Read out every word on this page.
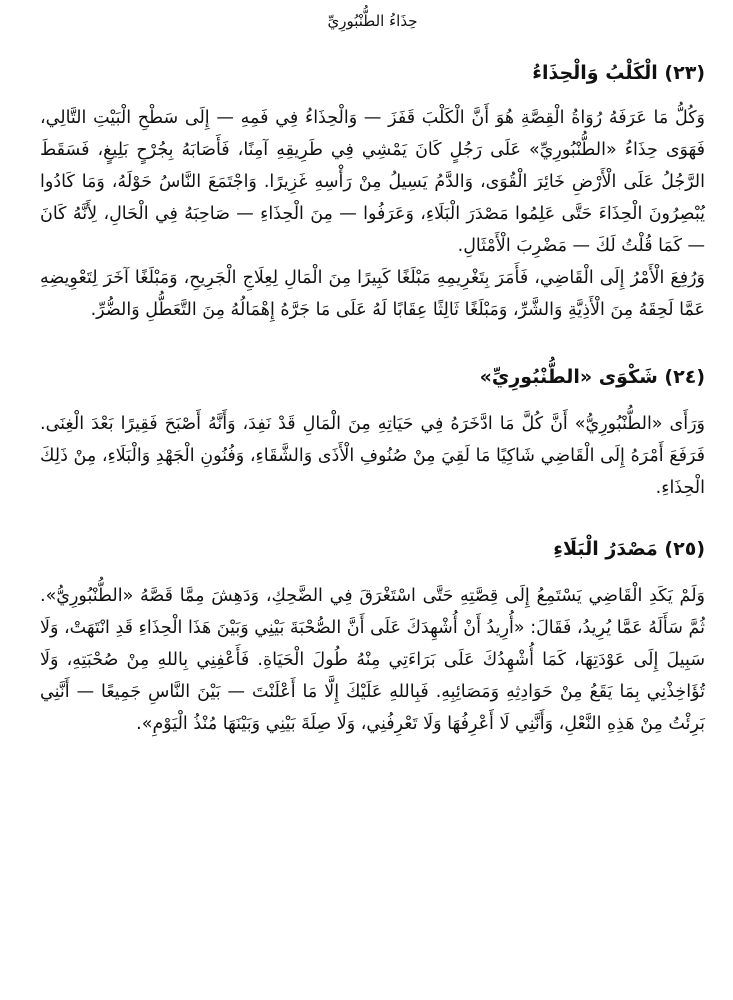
حِذَاءُ الطُّنْبُورِيِّ
(٢٣) الْكَلْبُ وَالْحِذَاءُ

وَكُلُّ مَا عَرَفَهُ رُوَاةُ الْقِصَّةِ هُوَ أَنَّ الْكَلْبَ قَفَزَ — وَالْحِذَاءُ فِي فَمِهِ — إِلَى سَطْحِ الْبَيْتِ التَّالِي، فَهَوَى حِذَاءُ «الطُّنْبُورِيِّ» عَلَى رَجُلٍ كَانَ يَمْشِي فِي طَرِيقِهِ آمِنًا، فَأَصَابَهُ بِجُرْحٍ بَلِيغٍ، فَسَقَطَ الرَّجُلُ عَلَى الْأَرْضِ خَائِرَ الْقُوَى، وَالدَّمُ يَسِيلُ مِنْ رَأْسِهِ غَزِيرًا. وَاجْتَمَعَ النَّاسُ حَوْلَهُ، وَمَا كَادُوا يُبْصِرُونَ الْحِذَاءَ حَتَّى عَلِمُوا مَصْدَرَ الْبَلَاءِ، وَعَرَفُوا — مِنَ الْحِذَاءِ — صَاحِبَهُ فِي الْحَالِ، لِأَنَّهُ كَانَ — كَمَا قُلْتُ لَكَ — مَضْرِبَ الْأَمْثَالِ.

وَرُفِعَ الْأَمْرُ إِلَى الْقَاضِي، فَأَمَرَ بِتَغْرِيمِهِ مَبْلَغًا كَبِيرًا مِنَ الْمَالِ لِعِلَاجِ الْجَرِيحِ، وَمَبْلَغًا آخَرَ لِتَعْوِيضِهِ عَمَّا لَحِقَهُ مِنَ الْأَذِيَّةِ وَالشَّرِّ، وَمَبْلَغًا ثَالِثًا عِقَابًا لَهُ عَلَى مَا جَرَّهُ إِهْمَالُهُ مِنَ التَّعَطُّلِ وَالضُّرِّ.

(٢٤) شَكْوَى «الطُّنْبُورِيِّ»

وَرَأَى «الطُّنْبُورِيُّ» أَنَّ كُلَّ مَا ادَّخَرَهُ فِي حَيَاتِهِ مِنَ الْمَالِ قَدْ نَفِدَ، وَأَنَّهُ أَصْبَحَ فَقِيرًا بَعْدَ الْغِنَى. فَرَفَعَ أَمْرَهُ إِلَى الْقَاضِي شَاكِيًا مَا لَقِيَ مِنْ صُنُوفِ الْأَذَى وَالشَّقَاءِ، وَفُنُونِ الْجَهْدِ وَالْبَلَاءِ، مِنْ ذَلِكَ الْحِذَاءِ.

(٢٥) مَصْدَرُ الْبَلَاءِ

وَلَمْ يَكَدِ الْقَاضِي يَسْتَمِعُ إِلَى قِصَّتِهِ حَتَّى اسْتَغْرَقَ فِي الضَّحِكِ، وَدَهِشَ مِمَّا قَصَّهُ «الطُّنْبُورِيُّ». ثُمَّ سَأَلَهُ عَمَّا يُرِيدُ، فَقَالَ: «أُرِيدُ أَنْ أُشْهِدَكَ عَلَى أَنَّ الصُّحْبَةَ بَيْنِي وَبَيْنَ هَذَا الْحِذَاءِ قَدِ انْتَهَتْ، وَلَا سَبِيلَ إِلَى عَوْدَتِهَا، كَمَا أُشْهِدُكَ عَلَى بَرَاءَتِي مِنْهُ طُولَ الْحَيَاةِ. فَأَعْفِنِي بِاللهِ مِنْ صُحْبَتِهِ، وَلَا تُؤَاخِذْنِي بِمَا يَقَعُ مِنْ حَوَادِثِهِ وَمَصَائِبِهِ. فَبِاللهِ عَلَيْكَ إِلَّا مَا أَعْلَنْتَ — بَيْنَ النَّاسِ جَمِيعًا — أَنَّنِي بَرِئْتُ مِنْ هَذِهِ النَّعْلِ، وَأَنَّنِي لَا أَعْرِفُهَا وَلَا تَعْرِفُنِي، وَلَا صِلَةَ بَيْنِي وَبَيْنَهَا مُنْذُ الْيَوْمِ».
